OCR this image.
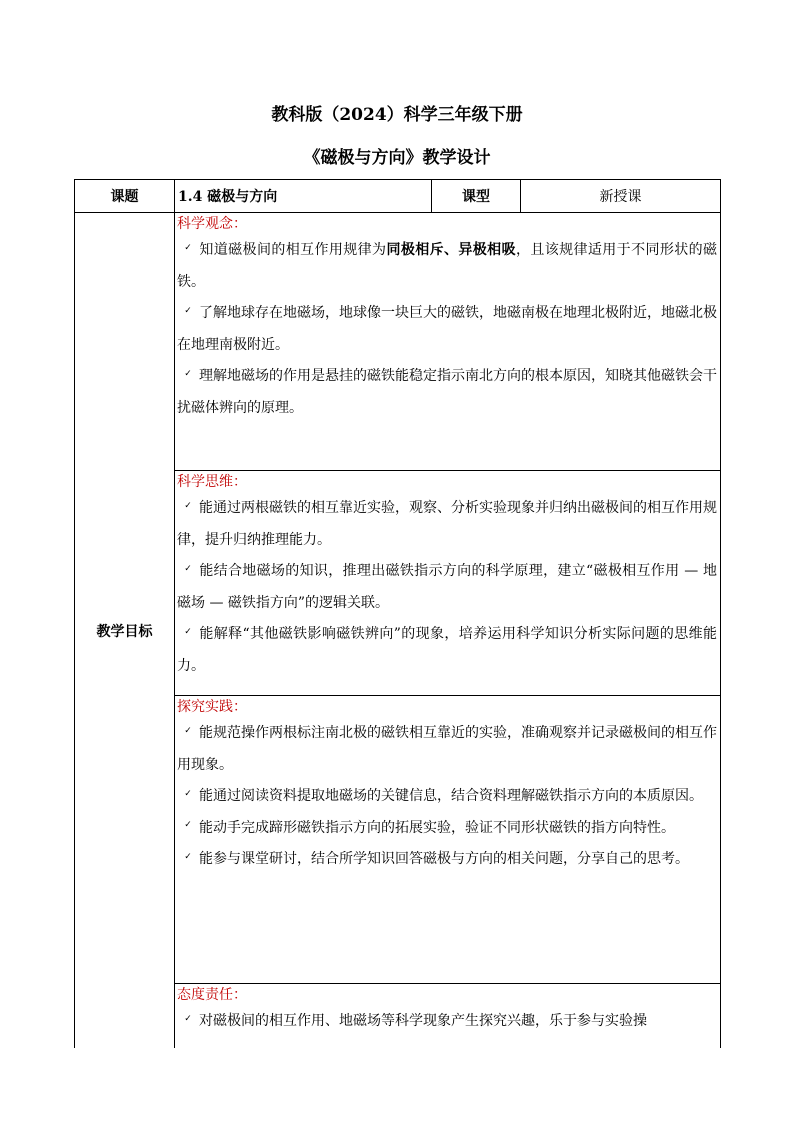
教科版（2024）科学三年级下册
《磁极与方向》教学设计
课题	1.4 磁极与方向	课型	新授课
教学目标	科学观念：
✓ 知道磁极间的相互作用规律为同极相斥、异极相吸，且该规律适用于不同形状的磁铁。
✓ 了解地球存在地磁场，地球像一块巨大的磁铁，地磁南极在地理北极附近，地磁北极在地理南极附近。
✓ 理解地磁场的作用是悬挂的磁铁能稳定指示南北方向的根本原因，知晓其他磁铁会干扰磁体辨向的原理。		

	科学思维：
✓ 能通过两根磁铁的相互靠近实验，观察、分析实验现象并归纳出磁极间的相互作用规律，提升归纳推理能力。
✓ 能结合地磁场的知识，推理出磁铁指示方向的科学原理，建立“磁极相互作用 — 地磁场 — 磁铁指方向”的逻辑关联。
✓ 能解释“其他磁铁影响磁铁辨向”的现象，培养运用科学知识分析实际问题的思维能力。		

	探究实践：
✓ 能规范操作两根标注南北极的磁铁相互靠近的实验，准确观察并记录磁极间的相互作用现象。
✓ 能通过阅读资料提取地磁场的关键信息，结合资料理解磁铁指示方向的本质原因。
✓ 能动手完成蹄形磁铁指示方向的拓展实验，验证不同形状磁铁的指方向特性。
✓ 能参与课堂研讨，结合所学知识回答磁极与方向的相关问题，分享自己的思考。		

	态度责任：
✓ 对磁极间的相互作用、地磁场等科学现象产生探究兴趣，乐于参与实验操		
